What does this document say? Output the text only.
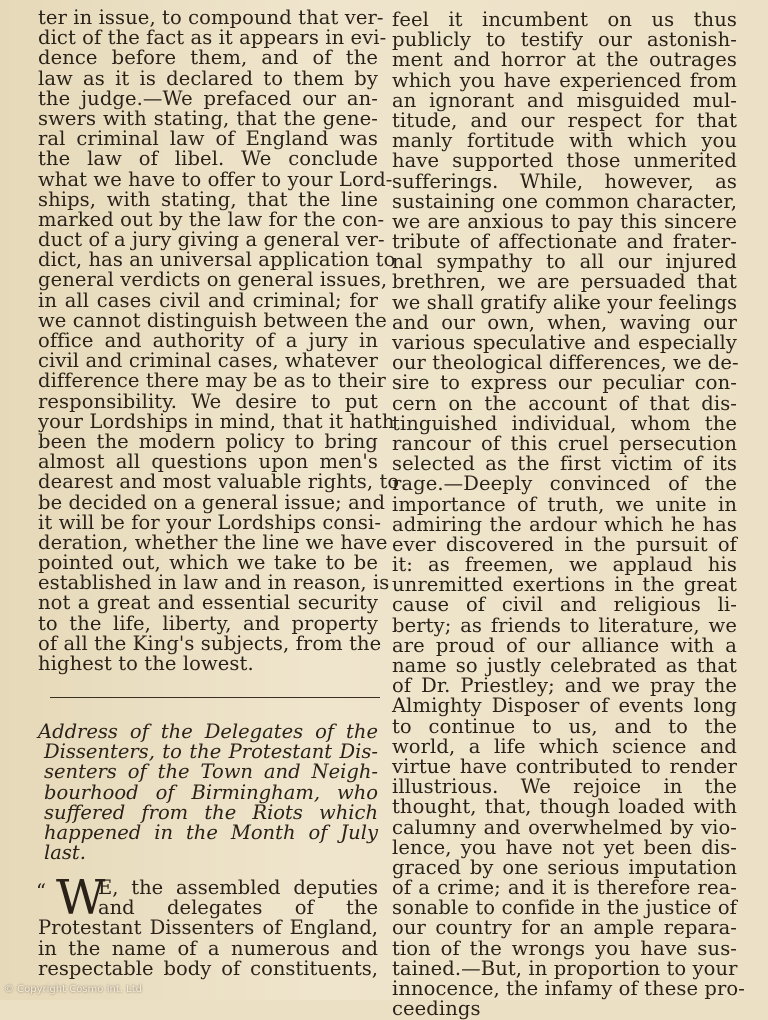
ter in issue, to compound that ver-
dict of the fact as it appears in evi-
dence before them, and of the
law as it is declared to them by
the judge.—We prefaced our an-
swers with stating, that the gene-
ral criminal law of England was
the law of libel. We conclude
what we have to offer to your Lord-
ships, with stating, that the line
marked out by the law for the con-
duct of a jury giving a general ver-
dict, has an universal application to
general verdicts on general issues,
in all cases civil and criminal; for
we cannot distinguish between the
office and authority of a jury in
civil and criminal cases, whatever
difference there may be as to their
responsibility. We desire to put
your Lordships in mind, that it hath
been the modern policy to bring
almost all questions upon men's
dearest and most valuable rights, to
be decided on a general issue; and
it will be for your Lordships consi-
deration, whether the line we have
pointed out, which we take to be
established in law and in reason, is
not a great and essential security
to the life, liberty, and property
of all the King's subjects, from the
highest to the lowest.
Address of the Delegates of the
Dissenters, to the Protestant Dis-
senters of the Town and Neigh-
bourhood of Birmingham, who
suffered from the Riots which
happened in the Month of July
last.
“ W
E, the assembled deputies
and delegates of the
Protestant Dissenters of England,
in the name of a numerous and
respectable body of constituents,
feel it incumbent on us thus
publicly to testify our astonish-
ment and horror at the outrages
which you have experienced from
an ignorant and misguided mul-
titude, and our respect for that
manly fortitude with which you
have supported those unmerited
sufferings. While, however, as
sustaining one common character,
we are anxious to pay this sincere
tribute of affectionate and frater-
nal sympathy to all our injured
brethren, we are persuaded that
we shall gratify alike your feelings
and our own, when, waving our
various speculative and especially
our theological differences, we de-
sire to express our peculiar con-
cern on the account of that dis-
tinguished individual, whom the
rancour of this cruel persecution
selected as the first victim of its
rage.—Deeply convinced of the
importance of truth, we unite in
admiring the ardour which he has
ever discovered in the pursuit of
it: as freemen, we applaud his
unremitted exertions in the great
cause of civil and religious li-
berty; as friends to literature, we
are proud of our alliance with a
name so justly celebrated as that
of Dr. Priestley; and we pray the
Almighty Disposer of events long
to continue to us, and to the
world, a life which science and
virtue have contributed to render
illustrious. We rejoice in the
thought, that, though loaded with
calumny and overwhelmed by vio-
lence, you have not yet been dis-
graced by one serious imputation
of a crime; and it is therefore rea-
sonable to confide in the justice of
our country for an ample repara-
tion of the wrongs you have sus-
tained.—But, in proportion to your
innocence, the infamy of these pro-
ceedings
© Copyright Cosmo Int. Ltd
